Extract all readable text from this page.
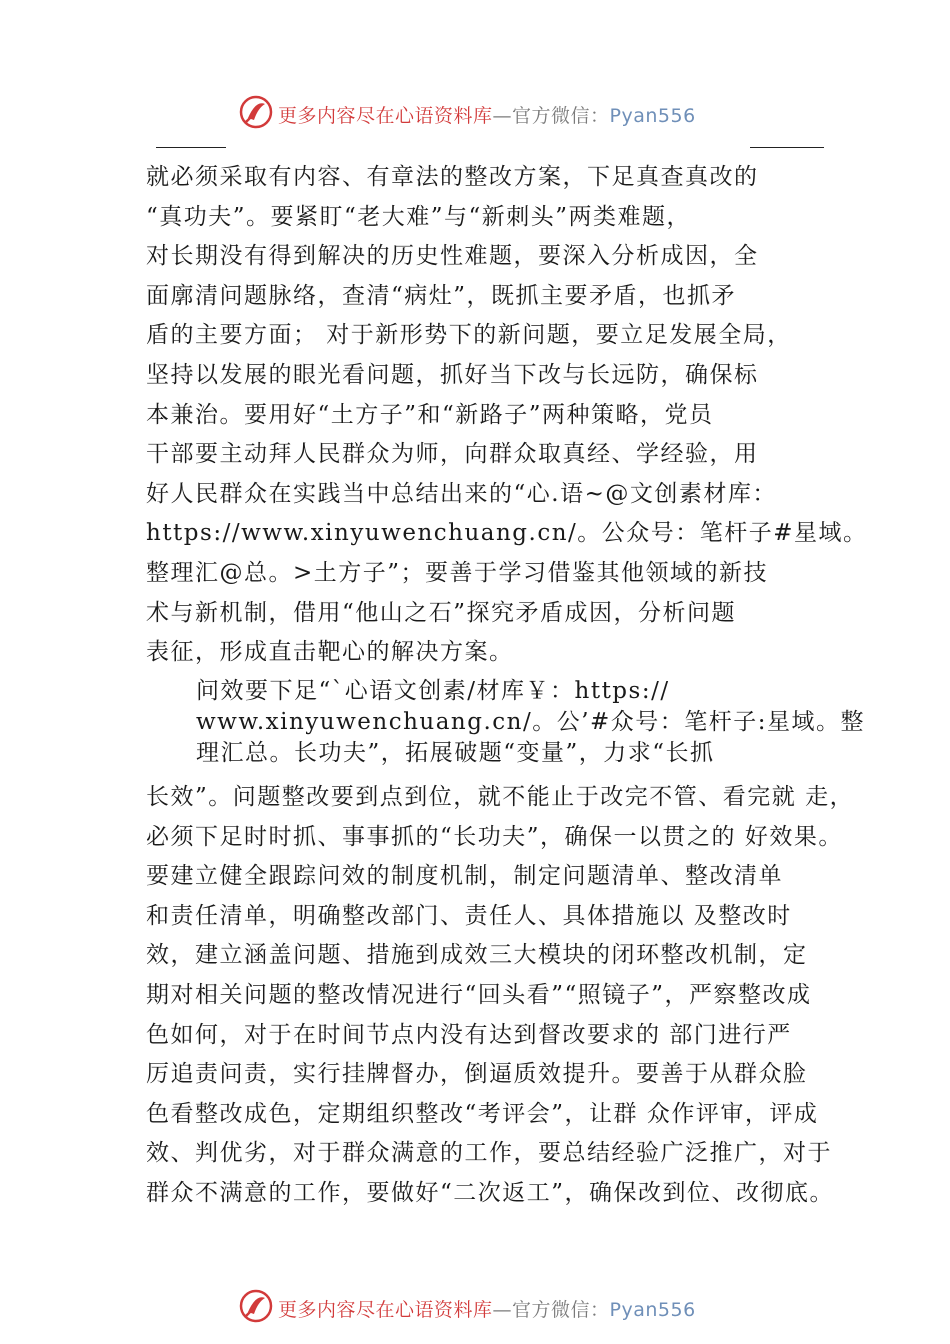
更多内容尽在心语资料库—官方微信：Pyan556

就必须采取有内容、有章法的整改方案，下足真查真改的
“真功夫”。要紧盯“老大难”与“新刺头”两类难题，
对长期没有得到解决的历史性难题，要深入分析成因，全
面廓清问题脉络，查清“病灶”，既抓主要矛盾，也抓矛
盾的主要方面； 对于新形势下的新问题，要立足发展全局，
坚持以发展的眼光看问题，抓好当下改与长远防，确保标
本兼治。要用好“土方子”和“新路子”两种策略，党员
干部要主动拜人民群众为师，向群众取真经、学经验，用
好人民群众在实践当中总结出来的“心.语~@文创素材库：
https://www.xinyuwenchuang.cn/。公众号：笔杆子#星域。
整理汇@总。>土方子”；要善于学习借鉴其他领域的新技
术与新机制，借用“他山之石”探究矛盾成因，分析问题
表征，形成直击靶心的解决方案。

问效要下足“`心语文创素/材库￥：https://
www.xinyuwenchuang.cn/。公’#众号：笔杆子:星域。整
理汇总。长功夫”，拓展破题“变量”，力求“长抓

长效”。问题整改要到点到位，就不能止于改完不管、看完就 走，
必须下足时时抓、事事抓的“长功夫”，确保一以贯之的 好效果。
要建立健全跟踪问效的制度机制，制定问题清单、整改清单
和责任清单，明确整改部门、责任人、具体措施以 及整改时
效，建立涵盖问题、措施到成效三大模块的闭环整改机制，定
期对相关问题的整改情况进行“回头看”“照镜子”，严察整改成
色如何，对于在时间节点内没有达到督改要求的 部门进行严
厉追责问责，实行挂牌督办，倒逼质效提升。要善于从群众脸
色看整改成色，定期组织整改“考评会”，让群 众作评审，评成
效、判优劣，对于群众满意的工作，要总结经验广泛推广，对于
群众不满意的工作，要做好“二次返工”，确保改到位、改彻底。

更多内容尽在心语资料库—官方微信：Pyan556
